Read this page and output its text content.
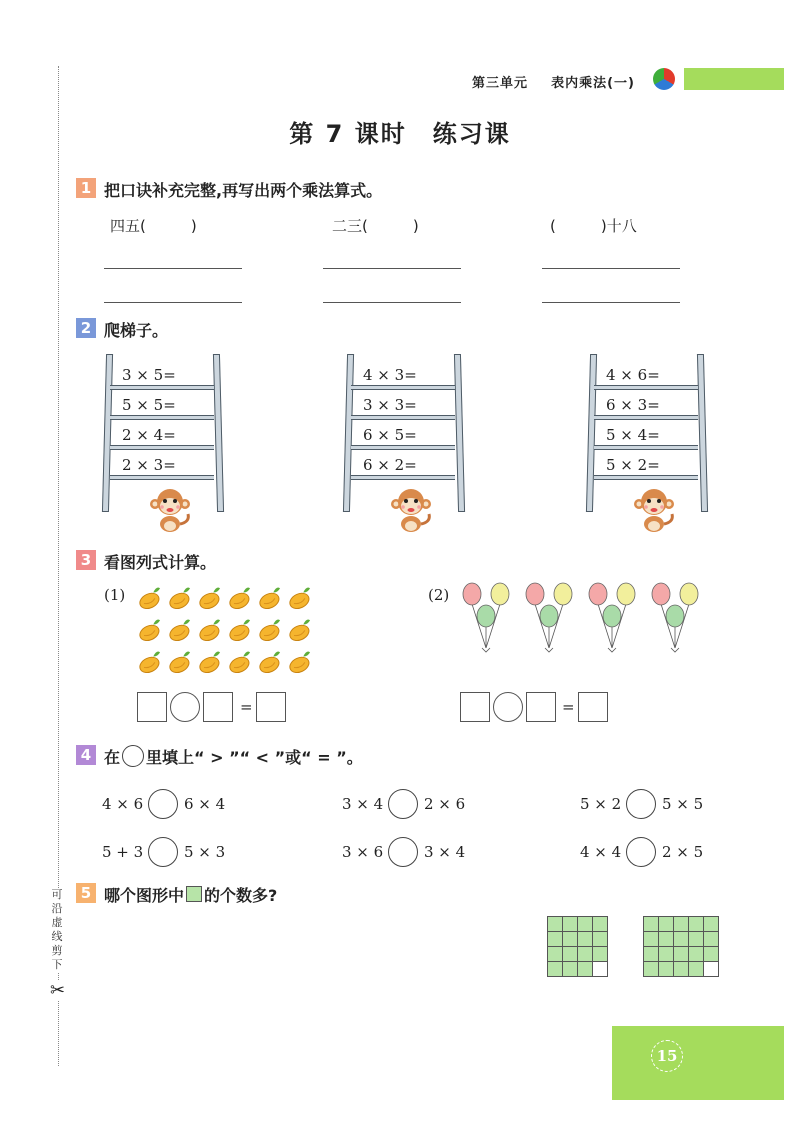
可沿虚线剪下
✂
第三单元 表内乘法(一)
第 7 课时　练习课
1 把口诀补充完整,再写出两个乘法算式。
四五(　　　)	二三(　　　)	(　　　)十八
2 爬梯子。
3 × 5=
5 × 5=
2 × 4=
2 × 3=
4 × 3=
3 × 3=
6 × 5=
6 × 2=
4 × 6=
6 × 3=
5 × 4=
5 × 2=
3 看图列式计算。
(1)	(2)
=	=
4 在 里填上“ > ”“ < ”或“ = ”。
4 × 6	6 × 4	3 × 4	2 × 6	5 × 2	5 × 5
5 + 3	5 × 3	3 × 6	3 × 4	4 × 4	2 × 5
5 哪个图形中 的个数多?
15
